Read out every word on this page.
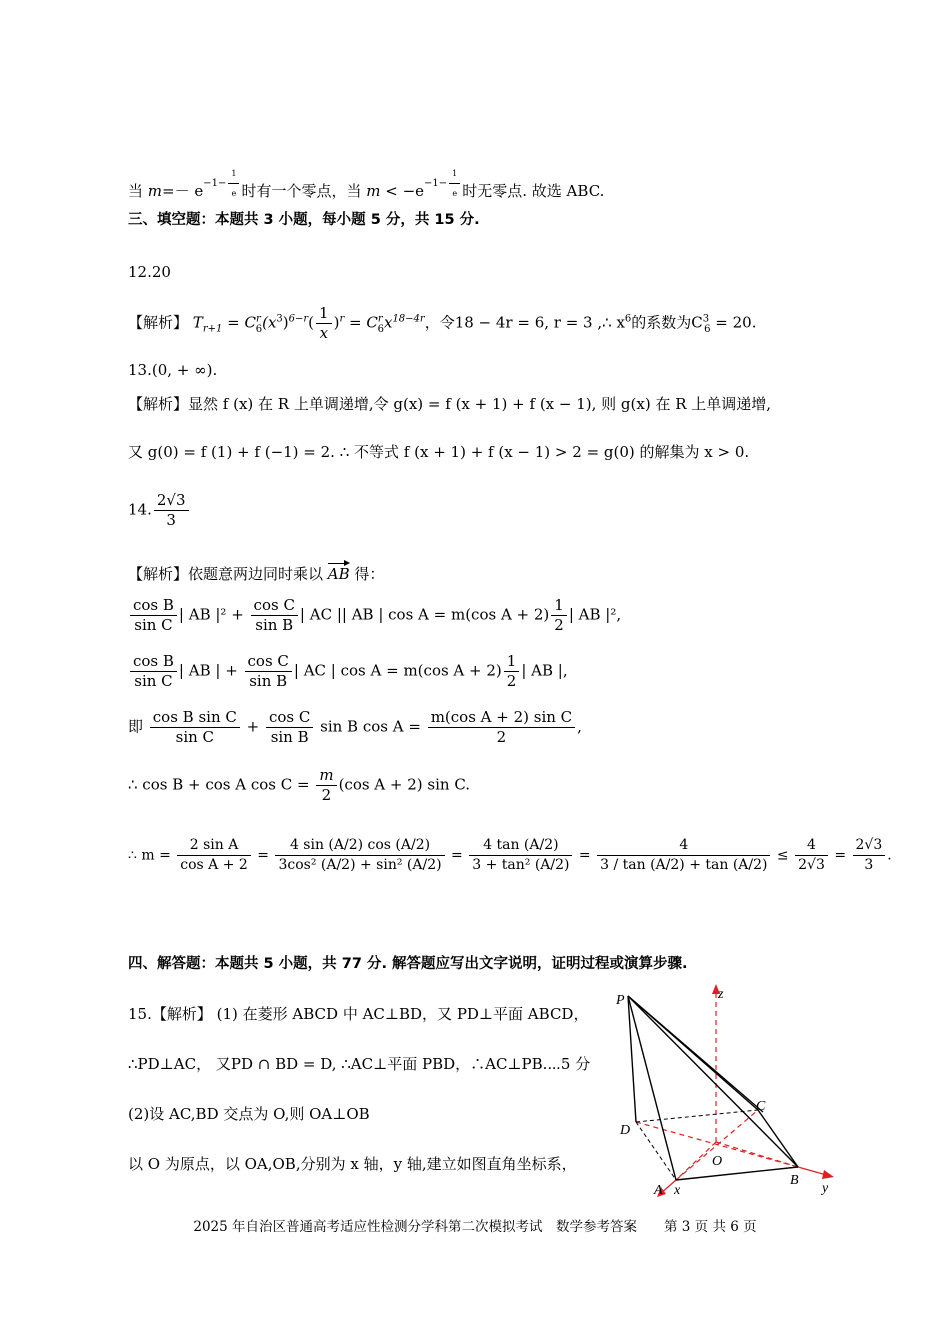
当 $m=- e^{-1- \frac{1}{e}}$ 时有一个零点，当 $m < -e^{-1- \frac{1}{e}}$ 时无零点. 故选 ABC.
三、填空题：本题共 3 小题，每小题 5 分，共 15 分.
12.20
【解析】 $T_{r+1} = C^r_6(x^3)^{6-r}( \frac{1}{x} )^r = C^r_6x^{18-4r}$，令18 − 4r = 6, r = 3 ,∴ $x^6$的系数为$C^3_6 = 20$.
13.(0, + ∞).
【解析】显然 f (x) 在 R 上单调递增,令 g(x) = f (x + 1) + f (x − 1), 则 g(x) 在 R 上单调递增,
又 g(0) = f (1) + f (−1) = 2. ∴ 不等式 f (x + 1) + f (x − 1) > 2 = g(0) 的解集为 x > 0.
14. $\frac{2√3}{3}$
【解析】依题意两边同时乘以 AB 得：
$\frac{\text{cos B}}{\text{sin C}}$ | AB $|^2 + \frac{\text{cos C}}{\text{sin B}}$ | AC || AB | cos A = m(cos $A + 2) \frac{1}{2}$ | AB |²,
$\frac{\text{cos B}}{\text{sin C}}$ | AB | + $\frac{\text{cos C}}{\text{sin B}}$ | AC | cos A = m(cos $A + 2) \frac{1}{2}$ | AB |,
即 $\frac{\text{cos B sin C}}{\text{sin C}} + \frac{\text{cos C}}{\text{sin B}}$ sin B $\cos A = \frac{\text{m(cos A + 2) sin C}}{2}$ ,
∴ cos B + cos A $\cos C = \frac{m}{2} (\cos$ A + 2) sin C.
∴ $m = \frac{\text{2 sin A}}{\text{cos A + 2}} = \frac{4 \sin (A/2) \cos (A/2)}{\text{3cos² (A/2) + sin² (A/2)}} = \frac{4 \tan (A/2)}{\text{3 + tan² (A/2)}} = \frac{4}{3 / \tan (A/2) + \tan (A/2)} \le \frac{4}{2√3} = \frac{2√3}{3}$ .
四、解答题：本题共 5 小题，共 77 分. 解答题应写出文字说明，证明过程或演算步骤.
15.【解析】 (1) 在菱形 ABCD 中 AC⊥BD，又 PD⊥平面 ABCD，
∴PD⊥AC， 又PD ∩ BD = D, ∴AC⊥平面 PBD，∴AC⊥PB.⋯5 分
(2)设 AC,BD 交点为 O,则 OA⊥OB
以 O 为原点，以 OA,OB,分别为 x 轴，y 轴,建立如图直角坐标系，
P	z
C
D
O
A x
B
y
2025 年自治区普通高考适应性检测分学科第二次模拟考试　数学参考答案　　第 3 页 共 6 页
